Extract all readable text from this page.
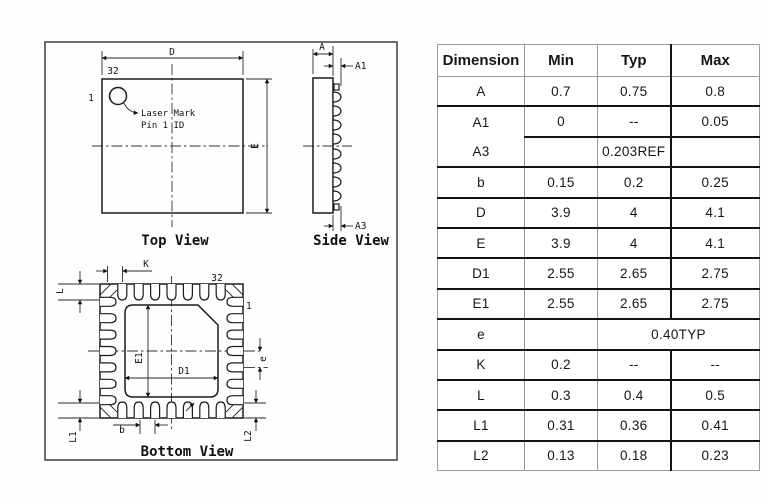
D
E
32
1
Laser Mark
Pin 1 ID
Top View
A
A1
A3
Side View
D1
E1
K
L
L1	L2
e
b
32
1
Bottom View
Dimension	Min	Typ	Max
A	0.7	0.75	0.8
A1	0	--	0.05
A3		0.203REF	
b	0.15	0.2	0.25
D	3.9	4	4.1
E	3.9	4	4.1
D1	2.55	2.65	2.75
E1	2.55	2.65	2.75
e		0.40TYP	
K	0.2	--	--
L	0.3	0.4	0.5
L1	0.31	0.36	0.41
L2	0.13	0.18	0.23
